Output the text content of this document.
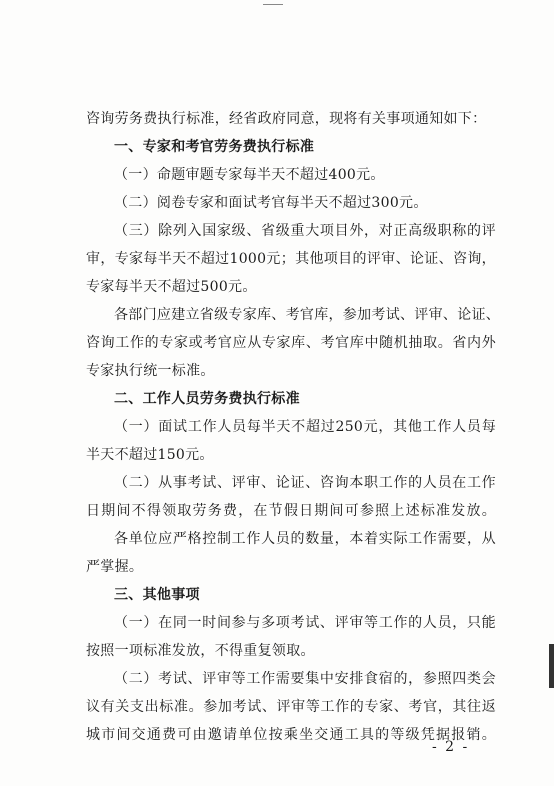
咨询劳务费执行标准，经省政府同意，现将有关事项通知如下：

一、专家和考官劳务费执行标准

（一）命题审题专家每半天不超过400元。

（二）阅卷专家和面试考官每半天不超过300元。

（三）除列入国家级、省级重大项目外，对正高级职称的评

审，专家每半天不超过1000元；其他项目的评审、论证、咨询，

专家每半天不超过500元。

各部门应建立省级专家库、考官库，参加考试、评审、论证、

咨询工作的专家或考官应从专家库、考官库中随机抽取。省内外

专家执行统一标准。

二、工作人员劳务费执行标准

（一）面试工作人员每半天不超过250元，其他工作人员每

半天不超过150元。

（二）从事考试、评审、论证、咨询本职工作的人员在工作

日期间不得领取劳务费，在节假日期间可参照上述标准发放。

各单位应严格控制工作人员的数量，本着实际工作需要，从

严掌握。

三、其他事项

（一）在同一时间参与多项考试、评审等工作的人员，只能

按照一项标准发放，不得重复领取。

（二）考试、评审等工作需要集中安排食宿的，参照四类会

议有关支出标准。参加考试、评审等工作的专家、考官，其往返

城市间交通费可由邀请单位按乘坐交通工具的等级凭据报销。

- 2 -
